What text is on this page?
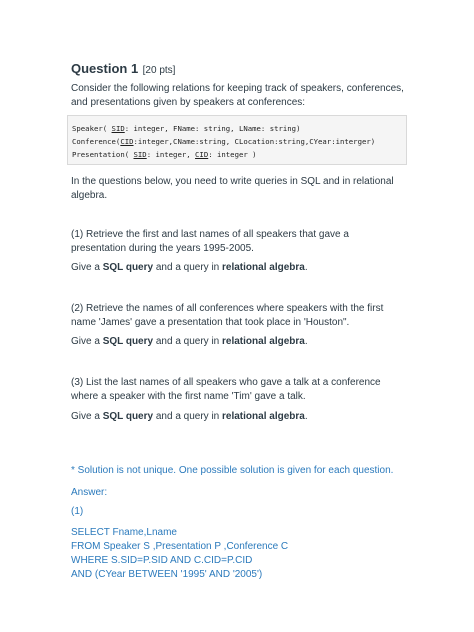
Question 1 [20 pts]
Consider the following relations for keeping track of speakers, conferences, and presentations given by speakers at conferences:
Speaker( SID: integer, FName: string, LName: string)
Conference(CID:integer,CName:string, CLocation:string,CYear:interger)
Presentation( SID: integer, CID: integer )
In the questions below, you need to write queries in SQL and in relational algebra.
(1) Retrieve the first and last names of all speakers that gave a presentation during the years 1995-2005.
Give a SQL query and a query in relational algebra.
(2) Retrieve the names of all conferences where speakers with the first name 'James' gave a presentation that took place in 'Houston".
Give a SQL query and a query in relational algebra.
(3) List the last names of all speakers who gave a talk at a conference where a speaker with the first name 'Tim' gave a talk.
Give a SQL query and a query in relational algebra.
* Solution is not unique. One possible solution is given for each question.
Answer:
(1)
SELECT Fname,Lname
FROM Speaker S ,Presentation P ,Conference C
WHERE S.SID=P.SID AND C.CID=P.CID
AND (CYear BETWEEN '1995' AND '2005')
